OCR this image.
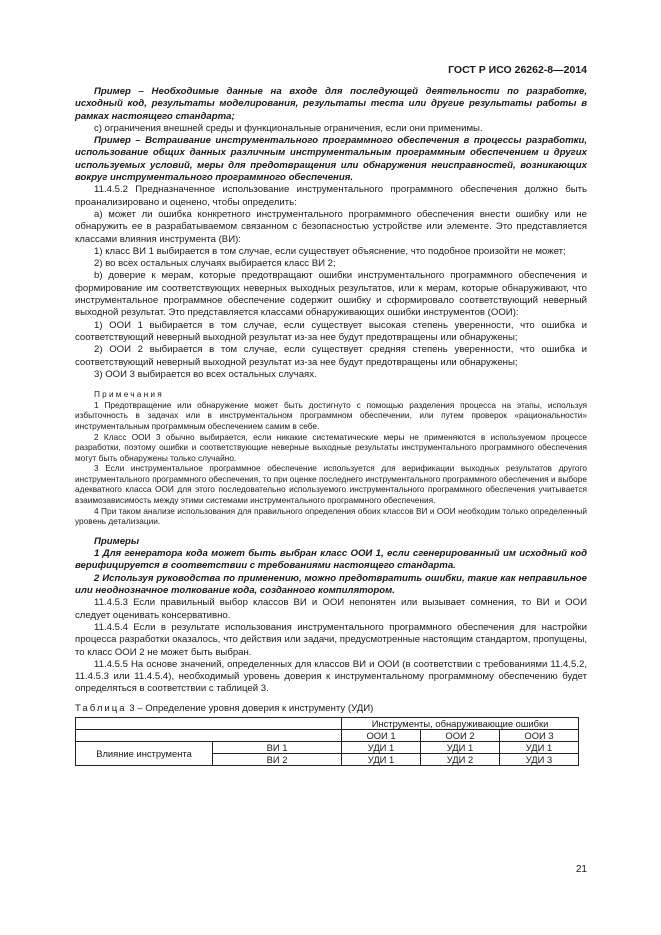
ГОСТ Р ИСО 26262-8—2014

Пример – Необходимые данные на входе для последующей деятельности по разработке, исходный код, результаты моделирования, результаты теста или другие результаты работы в рамках настоящего стандарта;

c) ограничения внешней среды и функциональные ограничения, если они применимы.

Пример – Встраивание инструментального программного обеспечения в процессы разработки, использование общих данных различным инструментальным программным обеспечением и других используемых условий, меры для предотвращения или обнаружения неисправностей, возникающих вокруг инструментального программного обеспечения.

11.4.5.2 Предназначенное использование инструментального программного обеспечения должно быть проанализировано и оценено, чтобы определить:

a) может ли ошибка конкретного инструментального программного обеспечения внести ошибку или не обнаружить ее в разрабатываемом связанном с безопасностью устройстве или элементе. Это представляется классами влияния инструмента (ВИ):

1) класс ВИ 1 выбирается в том случае, если существует объяснение, что подобное произойти не может;

2) во всех остальных случаях выбирается класс ВИ 2;

b) доверие к мерам, которые предотвращают ошибки инструментального программного обеспечения и формирование им соответствующих неверных выходных результатов, или к мерам, которые обнаруживают, что инструментальное программное обеспечение содержит ошибку и сформировало соответствующий неверный выходной результат. Это представляется классами обнаруживающих ошибки инструментов (ООИ):

1) ООИ 1 выбирается в том случае, если существует высокая степень уверенности, что ошибка и соответствующий неверный выходной результат из-за нее будут предотвращены или обнаружены;

2) ООИ 2 выбирается в том случае, если существует средняя степень уверенности, что ошибка и соответствующий неверный выходной результат из-за нее будут предотвращены или обнаружены;

3) ООИ 3 выбирается во всех остальных случаях.

Примечания

1 Предотвращение или обнаружение может быть достигнуто с помощью разделения процесса на этапы, используя избыточность в задачах или в инструментальном программном обеспечении, или путем проверок «рациональности» инструментальным программным обеспечением самим в себе.

2 Класс ООИ 3 обычно выбирается, если никакие систематические меры не применяются в используемом процессе разработки, поэтому ошибки и соответствующие неверные выходные результаты инструментального программного обеспечения могут быть обнаружены только случайно.

3 Если инструментальное программное обеспечение используется для верификации выходных результатов другого инструментального программного обеспечения, то при оценке последнего инструментального программного обеспечения и выборе адекватного класса ООИ для этого последовательно используемого инструментального программного обеспечения учитывается взаимозависимость между этими системами инструментального программного обеспечения.

4 При таком анализе использования для правильного определения обоих классов ВИ и ООИ необходим только определенный уровень детализации.

Примеры

1 Для генератора кода может быть выбран класс ООИ 1, если сгенерированный им исходный код верифицируется в соответствии с требованиями настоящего стандарта.

2 Используя руководства по применению, можно предотвратить ошибки, такие как неправильное или неоднозначное толкование кода, созданного компилятором.

11.4.5.3 Если правильный выбор классов ВИ и ООИ непонятен или вызывает сомнения, то ВИ и ООИ следует оценивать консервативно.

11.4.5.4 Если в результате использования инструментального программного обеспечения для настройки процесса разработки оказалось, что действия или задачи, предусмотренные настоящим стандартом, пропущены, то класс ООИ 2 не может быть выбран.

11.4.5.5 На основе значений, определенных для классов ВИ и ООИ (в соответствии с требованиями 11.4.5.2, 11.4.5.3 или 11.4.5.4), необходимый уровень доверия к инструментальному программному обеспечению будет определяться в соответствии с таблицей 3.

Таблица 3 – Определение уровня доверия к инструменту (УДИ)

		Инструменты, обнаруживающие ошибки		
		ООИ 1	ООИ 2	ООИ 3
Влияние инструмента	ВИ 1	УДИ 1	УДИ 1	УДИ 1
	ВИ 2	УДИ 1	УДИ 2	УДИ 3
21
